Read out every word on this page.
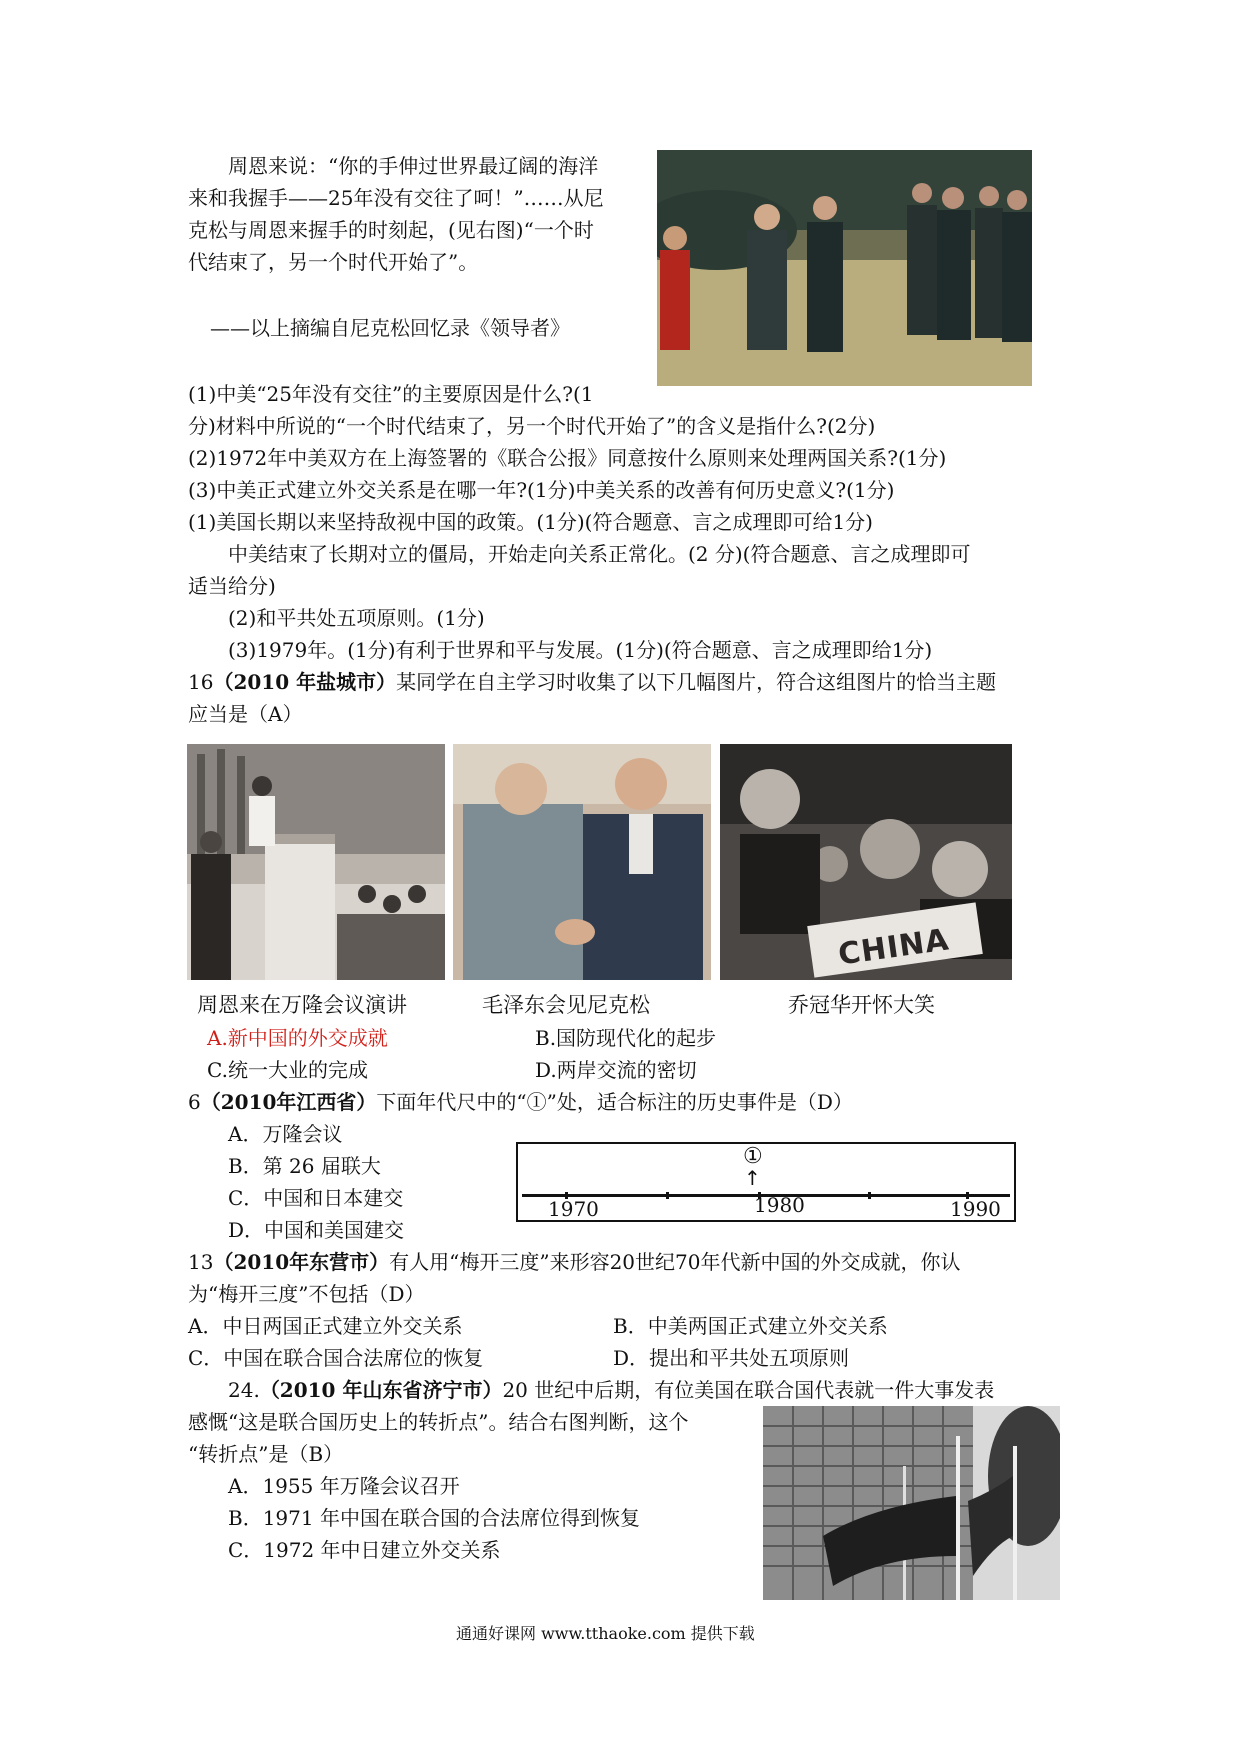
周恩来说：“你的手伸过世界最辽阔的海洋
来和我握手——25年没有交往了呵！”……从尼
克松与周恩来握手的时刻起，(见右图)“一个时
代结束了，另一个时代开始了”。
——以上摘编自尼克松回忆录《领导者》
(1)中美“25年没有交往”的主要原因是什么?(1
分)材料中所说的“一个时代结束了，另一个时代开始了”的含义是指什么?(2分)
(2)1972年中美双方在上海签署的《联合公报》同意按什么原则来处理两国关系?(1分)
(3)中美正式建立外交关系是在哪一年?(1分)中美关系的改善有何历史意义?(1分)
(1)美国长期以来坚持敌视中国的政策。(1分)(符合题意、言之成理即可给1分)
中美结束了长期对立的僵局，开始走向关系正常化。(2 分)(符合题意、言之成理即可
适当给分)
(2)和平共处五项原则。(1分)
(3)1979年。(1分)有利于世界和平与发展。(1分)(符合题意、言之成理即给1分)
16（2010 年盐城市）某同学在自主学习时收集了以下几幅图片，符合这组图片的恰当主题
应当是（A）
CHINA
周恩来在万隆会议演讲	毛泽东会见尼克松	乔冠华开怀大笑
A.新中国的外交成就	B.国防现代化的起步
C.统一大业的完成	D.两岸交流的密切
6（2010年江西省）下面年代尺中的“①”处，适合标注的历史事件是（D）
A．万隆会议
B．第 26 届联大
C．中国和日本建交
D．中国和美国建交
①
↑
1970	1980	1990
13（2010年东营市）有人用“梅开三度”来形容20世纪70年代新中国的外交成就，你认
为“梅开三度”不包括（D）
A．中日两国正式建立外交关系	B．中美两国正式建立外交关系
C．中国在联合国合法席位的恢复	D．提出和平共处五项原则
24.（2010 年山东省济宁市）20 世纪中后期，有位美国在联合国代表就一件大事发表
感慨“这是联合国历史上的转折点”。结合右图判断，这个
“转折点”是（B）
A．1955 年万隆会议召开
B．1971 年中国在联合国的合法席位得到恢复
C．1972 年中日建立外交关系
通通好课网 www.tthaoke.com 提供下载
